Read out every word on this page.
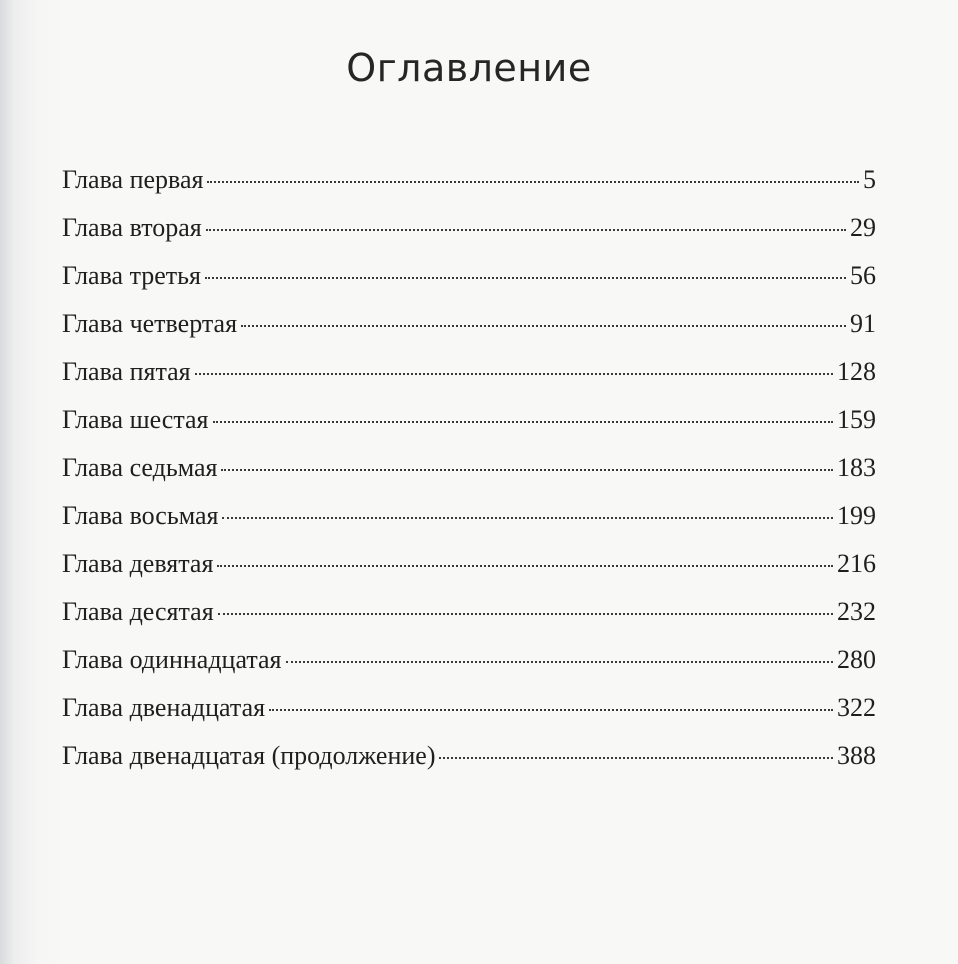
Оглавление
Глава первая	5
Глава вторая	29
Глава третья	56
Глава четвертая	91
Глава пятая	128
Глава шестая	159
Глава седьмая	183
Глава восьмая	199
Глава девятая	216
Глава десятая	232
Глава одиннадцатая	280
Глава двенадцатая	322
Глава двенадцатая (продолжение)	388
